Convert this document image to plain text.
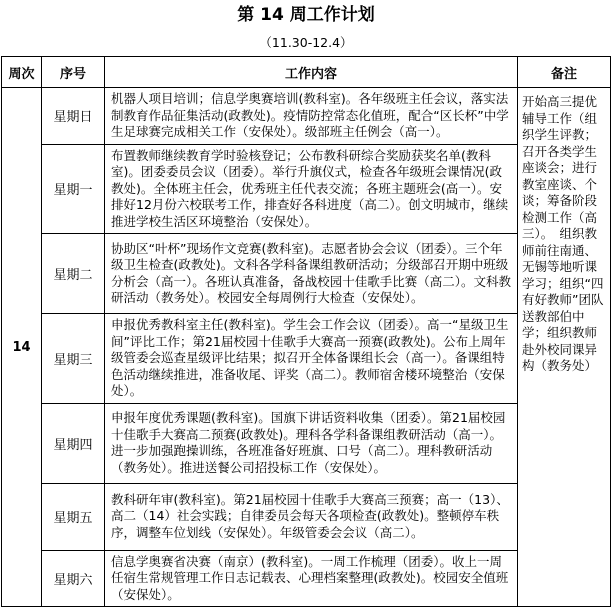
第 14 周工作计划
（11.30-12.4）
周次	序号	工作内容	备注
14	星期日	机器人项目培训；信息学奥赛培训(教科室)。各年级班主任会议，落实法制教育作品征集活动(政教处)。疫情防控常态化值班，配合“区长杯”中学生足球赛完成相关工作（安保处）。级部班主任例会（高一）。	开始高三提优辅导工作（组织学生评教；召开各类学生座谈会；进行教室座谈、个谈；筹备阶段检测工作（高三）。　组织教师前往南通、无锡等地听课学习；组织“四有好教师”团队送教部伯中学；组织教师赴外校同课异构（教务处）
	星期一	布置教师继续教育学时验核登记；公布教科研综合奖励获奖名单(教科室)。团委委员会议（团委）。举行升旗仪式，检查各年级班会课情况(政教处)。全体班主任会，优秀班主任代表交流；各班主题班会(高一）。安排好12月份六校联考工作，排查好各科进度（高二）。创文明城市，继续推进学校生活区环境整治（安保处）。	
	星期二	协助区“叶杯”现场作文竞赛(教科室)。志愿者协会会议（团委）。三个年级卫生检查(政教处)。文科各学科备课组教研活动；分级部召开期中班级分析会（高一）。各班认真准备，备战校园十佳歌手比赛（高二）。文科教研活动（教务处）。校园安全每周例行大检查（安保处）。	
	星期三	申报优秀教科室主任(教科室)。学生会工作会议（团委）。高一“星级卫生间”评比工作；第21届校园十佳歌手大赛高一预赛(政教处)。公布上周年级管委会巡查星级评比结果；拟召开全体备课组长会（高一）。备课组特色活动继续推进，准备收尾、评奖（高二）。教师宿舍楼环境整治（安保处）。	
	星期四	申报年度优秀课题(教科室)。国旗下讲话资料收集（团委）。第21届校园十佳歌手大赛高二预赛(政教处)。理科各学科备课组教研活动（高一）。进一步加强跑操训练，各班准备好班旗、口号（高二）。理科教研活动（教务处）。推进送餐公司招投标工作（安保处）。	
	星期五	教科研年审(教科室)。第21届校园十佳歌手大赛高三预赛；高一（13）、高二（14）社会实践；自律委员会每天各项检查(政教处)。整顿停车秩序，调整车位划线（安保处）。年级管委会会议（高二）。	
	星期六	信息学奥赛省决赛（南京）(教科室)。一周工作梳理（团委）。收上一周任宿生常规管理工作日志记载表、心理档案整理(政教处)。校园安全值班（安保处）。	
